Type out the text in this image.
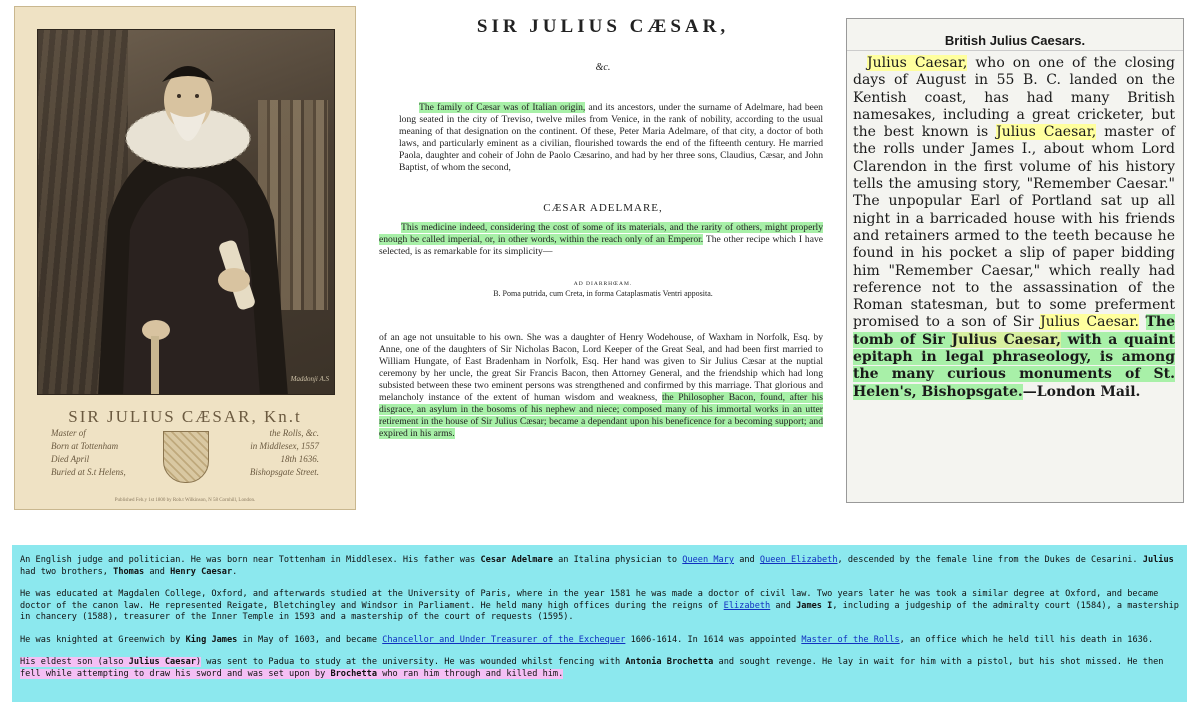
SIR JULIUS CÆSAR, Kn.t
Master of	the Rolls, &c.
Born at Tottenham	in Middlesex, 1557
Died April	18th 1636.
Buried at S.t Helens,	Bishopsgate Street.
Maddonji A.S
Published Feb.y 1st 1800 by Rob.t Wilkinson, N 58 Cornhill, London.
SIR JULIUS CÆSAR,
&c.
The family of Cæsar was of Italian origin, and its ancestors, under the surname of Adelmare, had been long seated in the city of Treviso, twelve miles from Venice, in the rank of nobility, according to the usual meaning of that designation on the continent. Of these, Peter Maria Adelmare, of that city, a doctor of both laws, and particularly eminent as a civilian, flourished towards the end of the fifteenth century. He married Paola, daughter and coheir of John de Paolo Cæsarino, and had by her three sons, Claudius, Cæsar, and John Baptist, of whom the second,
CÆSAR ADELMARE,
This medicine indeed, considering the cost of some of its materials, and the rarity of others, might properly enough be called imperial, or, in other words, within the reach only of an Emperor. The other recipe which I have selected, is as remarkable for its simplicity—
AD DIARRHŒAM.
B. Poma putrida, cum Creta, in forma Cataplasmatis Ventri apposita.
of an age not unsuitable to his own. She was a daughter of Henry Wodehouse, of Waxham in Norfolk, Esq. by Anne, one of the daughters of Sir Nicholas Bacon, Lord Keeper of the Great Seal, and had been first married to William Hungate, of East Bradenham in Norfolk, Esq. Her hand was given to Sir Julius Cæsar at the nuptial ceremony by her uncle, the great Sir Francis Bacon, then Attorney General, and the friendship which had long subsisted between these two eminent persons was strengthened and confirmed by this marriage. That glorious and melancholy instance of the extent of human wisdom and weakness, the Philosopher Bacon, found, after his disgrace, an asylum in the bosoms of his nephew and niece; composed many of his immortal works in an utter retirement in the house of Sir Julius Cæsar; became a dependant upon his beneficence for a becoming support; and expired in his arms.
British Julius Caesars.
Julius Caesar, who on one of the closing days of August in 55 B. C. landed on the Kentish coast, has had many British namesakes, including a great cricketer, but the best known is Julius Caesar, master of the rolls under James I., about whom Lord Clarendon in the first volume of his history tells the amusing story, "Remember Caesar." The unpopular Earl of Portland sat up all night in a barricaded house with his friends and retainers armed to the teeth because he found in his pocket a slip of paper bidding him "Remember Caesar," which really had reference not to the assassination of the Roman statesman, but to some preferment promised to a son of Sir Julius Caesar. The tomb of Sir Julius Caesar, with a quaint epitaph in legal phraseology, is among the many curious monuments of St. Helen's, Bishopsgate.—London Mail.

An English judge and politician. He was born near Tottenham in Middlesex. His father was Cesar Adelmare an Italina physician to Queen Mary and Queen Elizabeth, descended by the female line from the Dukes de Cesarini. Julius had two brothers, Thomas and Henry Caesar.

He was educated at Magdalen College, Oxford, and afterwards studied at the University of Paris, where in the year 1581 he was made a doctor of civil law. Two years later he was took a similar degree at Oxford, and became doctor of the canon law. He represented Reigate, Bletchingley and Windsor in Parliament. He held many high offices during the reigns of Elizabeth and James I, including a judgeship of the admiralty court (1584), a mastership in chancery (1588), treasurer of the Inner Temple in 1593 and a mastership of the court of requests (1595).

He was knighted at Greenwich by King James in May of 1603, and became Chancellor and Under Treasurer of the Exchequer 1606-1614. In 1614 was appointed Master of the Rolls, an office which he held till his death in 1636.

His eldest son (also Julius Caesar) was sent to Padua to study at the university. He was wounded whilst fencing with Antonia Brochetta and sought revenge. He lay in wait for him with a pistol, but his shot missed. He then fell while attempting to draw his sword and was set upon by Brochetta who ran him through and killed him.
